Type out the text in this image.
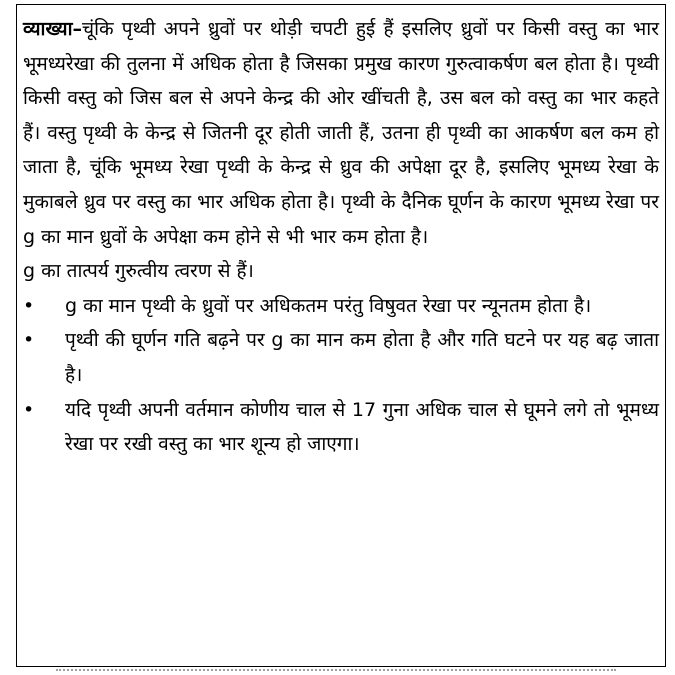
व्याख्या–चूंकि पृथ्वी अपने ध्रुवों पर थोड़ी चपटी हुई हैं इसलिए ध्रुवों पर किसी वस्तु का भार भूमध्यरेखा की तुलना में अधिक होता है जिसका प्रमुख कारण गुरुत्वाकर्षण बल होता है। पृथ्वी किसी वस्तु को जिस बल से अपने केन्द्र की ओर खींचती है, उस बल को वस्तु का भार कहते हैं। वस्तु पृथ्वी के केन्द्र से जितनी दूर होती जाती हैं, उतना ही पृथ्वी का आकर्षण बल कम हो जाता है, चूंकि भूमध्य रेखा पृथ्वी के केन्द्र से ध्रुव की अपेक्षा दूर है, इसलिए भूमध्य रेखा के मुकाबले ध्रुव पर वस्तु का भार अधिक होता है। पृथ्वी के दैनिक घूर्णन के कारण भूमध्य रेखा पर g का मान ध्रुवों के अपेक्षा कम होने से भी भार कम होता है।

g का तात्पर्य गुरुत्वीय त्वरण से हैं।

•	g का मान पृथ्वी के ध्रुवों पर अधिकतम परंतु विषुवत रेखा पर न्यूनतम होता है।
•	पृथ्वी की घूर्णन गति बढ़ने पर g का मान कम होता है और गति घटने पर यह बढ़ जाता है।
•	यदि पृथ्वी अपनी वर्तमान कोणीय चाल से 17 गुना अधिक चाल से घूमने लगे तो भूमध्य रेखा पर रखी वस्तु का भार शून्य हो जाएगा।
